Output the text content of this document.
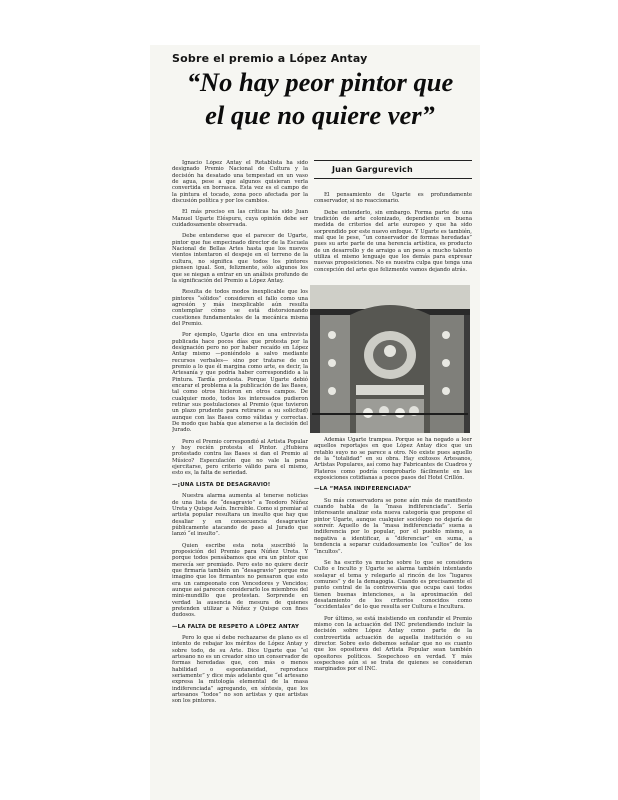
Sobre el premio a López Antay
“No hay peor pintor que
el que no quiere ver”

Ignacio López Antay el Retablista ha sido designado Premio Nacional de Cultura y la decisión ha desatado una tempestad en un vaso de agua, pese a que algunos quisieran verla convertida en borrasca. Esta vez es el campo de la pintura el tocado, zona poco afectada por la discusión política y por los cambios.

El más preciso en las críticas ha sido Juan Manuel Ugarte Eléspuru, cuya opinión debe ser cuidadosamente observada.

Debe entenderse que el parecer de Ugarte, pintor que fue empecinado director de la Escuela Nacional de Bellas Artes hasta que los nuevos vientos intentaron el despeje en el terreno de la cultura, no significa que todos los pintores piensen igual. Son, felizmente, sólo algunos los que se niegan a entrar en un análisis profundo de la significación del Premio a López Antay.

Resulta de todos modos inexplicable que los pintores “sólidos” consideren el fallo como una agresión y más inexplicable aún resulta contemplar cómo se está distorsionando cuestiones fundamentales de la mecánica misma del Premio.

Por ejemplo, Ugarte dice en una entrevista publicada hace pocos días que protesta por la designación pero no por haber recaído en López Antay mismo —poniéndolo a salvo mediante recursos verbales— sino por tratarse de un premio a lo que él margina como arte, es decir, la Artesanía y que podría haber correspondido a la Pintura. Tardía protesta. Porque Ugarte debió encarar el problema a la publicación de las Bases, tal como otros hicieron en otros campos. De cualquier modo, todos los interesados pudieron retirar sus postulaciones al Premio (que tuvieron un plazo prudente para retirarse a su solicitud) aunque con las Bases como válidas y correctas. De modo que había que atenerse a la decisión del Jurado.

Pero el Premio correspondió al Artista Popular y hoy recién protesta el Pintor. ¿Hubiera protestado contra las Bases si dan el Premio al Músico? Especulación que no vale la pena ejercitarse, pero criterio válido para el mismo, esto es, la falta de seriedad.

—¡UNA LISTA DE DESAGRAVIO!

Nuestra alarma aumenta al tenerse noticias de una lista de “desagravio” a Teodoro Núñez Ureta y Quispe Asín. Increíble. Como si premiar al artista popular resultara un insulto que hay que desaliar y en consecuencia desagraviar públicamente atacando de paso al Jurado que lanzó “el insulto”.

Quien escribe esta nota suscribió la proposición del Premio para Núñez Ureta. Y porque todos pensábamos que era un pintor que merecía ser premiado. Pero esto no quiere decir que firmaría también un “desagravio” porque me imagino que los firmantes no pensaron que esto era un campeonato con Vencedores y Vencidos; aunque así parecen considerarlo los miembros del mini-mundillo que protestan. Sorprende en verdad la ausencia de mesura de quienes pretenden utilizar a Núñez y Quispe con fines dudosos.

—LA FALTA DE RESPETO A LÓPEZ ANTAY

Pero lo que sí debe rechazarse de plano es el intento de rebajar los méritos de López Antay y sobre todo, de su Arte. Dice Ugarte que “el artesano no es un creador sino un conservador de formas heredadas que, con más o menos habilidad o espontaneidad, reproduce seriamente” y dice más adelante que “el artesano expresa la mitología elemental de la masa indiferenciada” agregando, en síntesis, que los artesanos “todos” no son artistas y que artistas son los pintores.

Juan Gargurevich

El pensamiento de Ugarte es profundamente conservador, si no reaccionario.

Debe entenderlo, sin embargo. Forma parte de una tradición de arte colonizado, dependiente en buena medida de criterios del arte europeo y que ha sido sorprendido por este nuevo enfoque. Y Ugarte es también, mal que le pese, “un conservador de formas heredadas” pues su arte parte de una herencia artística, es producto de un desarrollo y de arraigo a un peso a mucho talento utiliza el mismo lenguaje que los demás para expresar nuevas proposiciones. No es nuestra culpa que tenga una concepción del arte que felizmente vamos dejando atrás.

Además Ugarte trampea. Porque se ha negado a leer aquellos reportajes en que López Antay dice que un retablo suyo no se parece a otro. No existe pues aquello de la “totalidad” en su obra. Hay exitosos Artesanos, Artistas Populares, así como hay Fabricantes de Cuadros y Plateros como podría comprobarlo fácilmente en las exposiciones cotidianas a pocos pasos del Hotel Crillón.

—LA “MASA INDIFERENCIADA”

Su más conservadora se pone aún más de manifiesto cuando habla de la “masa indiferenciada”. Sería interesante analizar esta nueva categoría que propone el pintor Ugarte, aunque cualquier sociólogo no dejaría de sonreír. Aquello de la “masa indiferenciada” suena a indiferencia por lo popular, por el pueblo mismo, a negativa a identificar, a “diferenciar” en suma, a tendencia a separar cuidadosamente los “cultos” de los “incultos”.

Se ha escrito ya mucho sobre lo que se considera Culto e Inculto y Ugarte se alarma también intentando soslayar el tema y relegarlo al rincón de los “lugares comunes” y de la demagogia. Cuando es precisamente el punto central de la controversia que ocupa casi todos tienen buenas intenciones, a la aproximación del desatamiento de los criterios conocidos como “occidentales” de lo que resulta ser Cultura e Incultura.

Por último, se está insistiendo en confundir el Premio mismo con la actuación del INC pretendiendo incluir la decisión sobre López Antay como parte de la controvertida actuación de aquella institución o su director. Sobre esto debemos señalar que no es cuanto que los opositores del Artista Popular sean también opositores políticos. Sospechoso en verdad. Y más sospechoso aún si se trata de quienes se consideran marginados por el INC.
